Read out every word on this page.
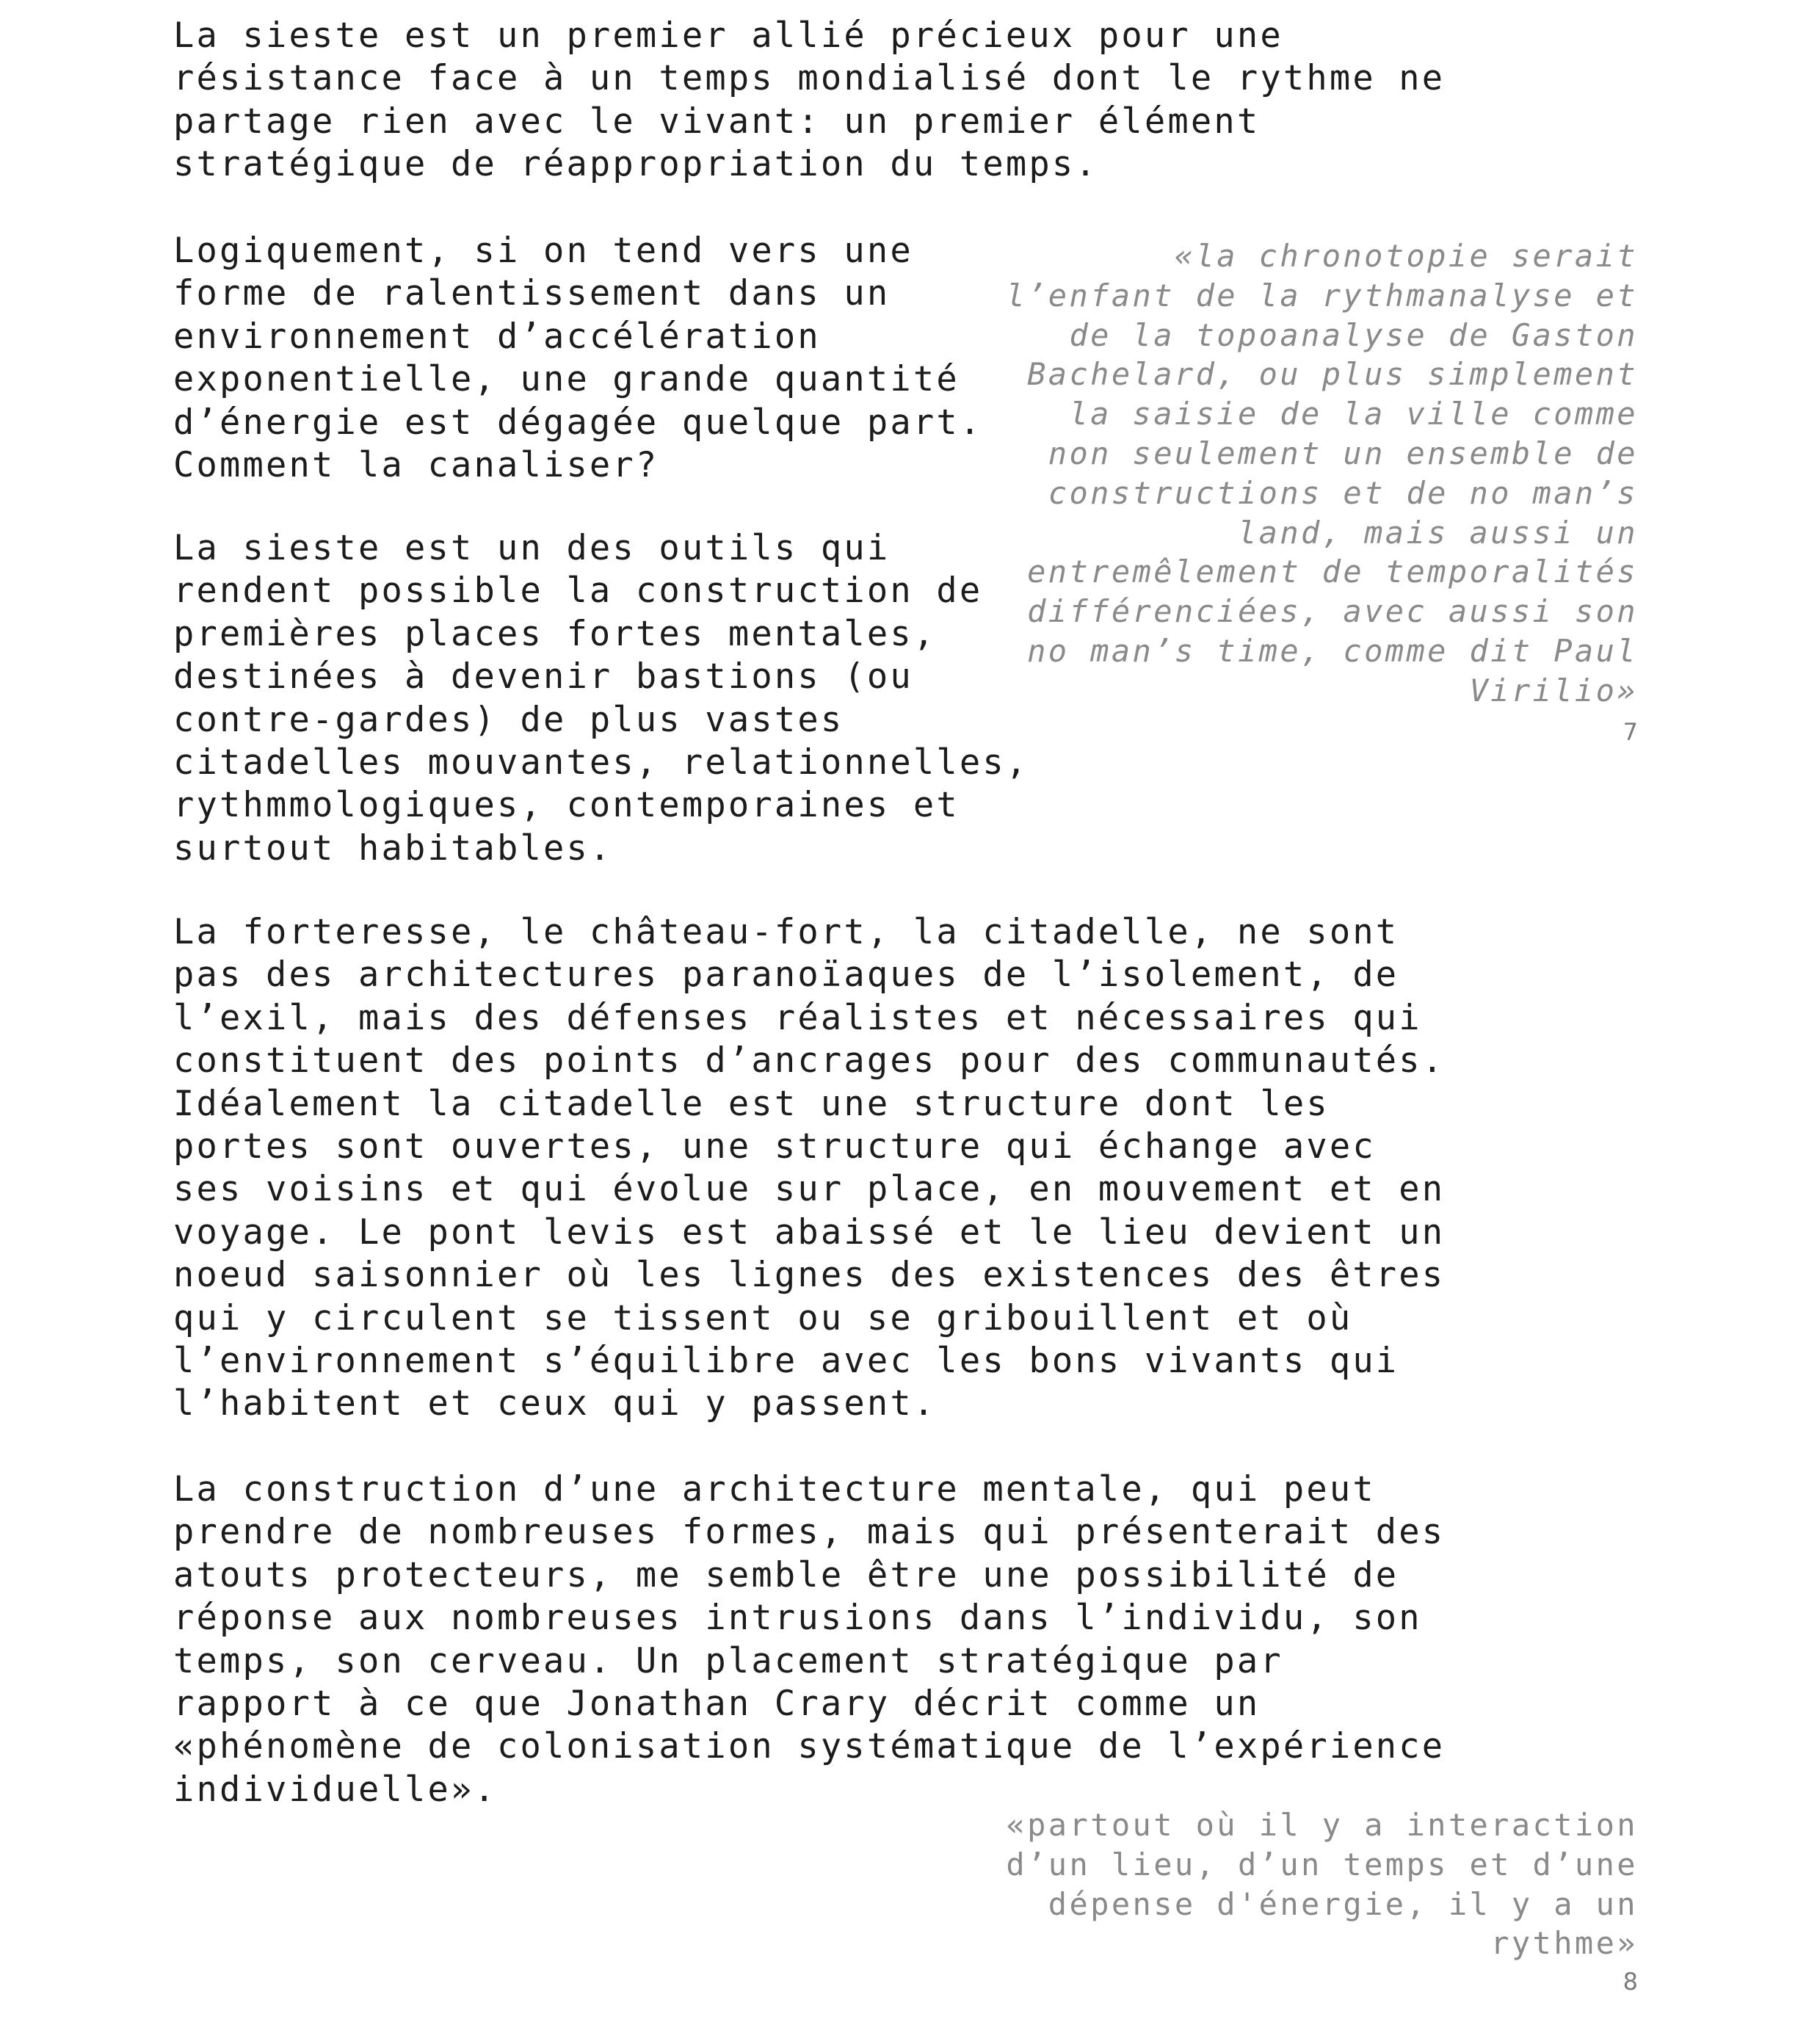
La sieste est un premier allié précieux pour une
résistance face à un temps mondialisé dont le rythme ne
partage rien avec le vivant: un premier élément
stratégique de réappropriation du temps.

Logiquement, si on tend vers une
forme de ralentissement dans un
environnement d’accélération
exponentielle, une grande quantité
d’énergie est dégagée quelque part.
Comment la canaliser?

La sieste est un des outils qui
rendent possible la construction de
premières places fortes mentales,
destinées à devenir bastions (ou
contre-gardes) de plus vastes
citadelles mouvantes, relationnelles,
rythmmologiques, contemporaines et
surtout habitables.

La forteresse, le château-fort, la citadelle, ne sont
pas des architectures paranoïaques de l’isolement, de
l’exil, mais des défenses réalistes et nécessaires qui
constituent des points d’ancrages pour des communautés.
Idéalement la citadelle est une structure dont les
portes sont ouvertes, une structure qui échange avec
ses voisins et qui évolue sur place, en mouvement et en
voyage. Le pont levis est abaissé et le lieu devient un
noeud saisonnier où les lignes des existences des êtres
qui y circulent se tissent ou se gribouillent et où
l’environnement s’équilibre avec les bons vivants qui
l’habitent et ceux qui y passent.

La construction d’une architecture mentale, qui peut
prendre de nombreuses formes, mais qui présenterait des
atouts protecteurs, me semble être une possibilité de
réponse aux nombreuses intrusions dans l’individu, son
temps, son cerveau. Un placement stratégique par
rapport à ce que Jonathan Crary décrit comme un
«phénomène de colonisation systématique de l’expérience
individuelle».

«la chronotopie serait
l’enfant de la rythmanalyse et
de la topoanalyse de Gaston
Bachelard, ou plus simplement
la saisie de la ville comme
non seulement un ensemble de
constructions et de no man’s
land, mais aussi un
entremêlement de temporalités
différenciées, avec aussi son
no man’s time, comme dit Paul
Virilio»

7

«partout où il y a interaction
d’un lieu, d’un temps et d’une
dépense d'énergie, il y a un
rythme»

8
